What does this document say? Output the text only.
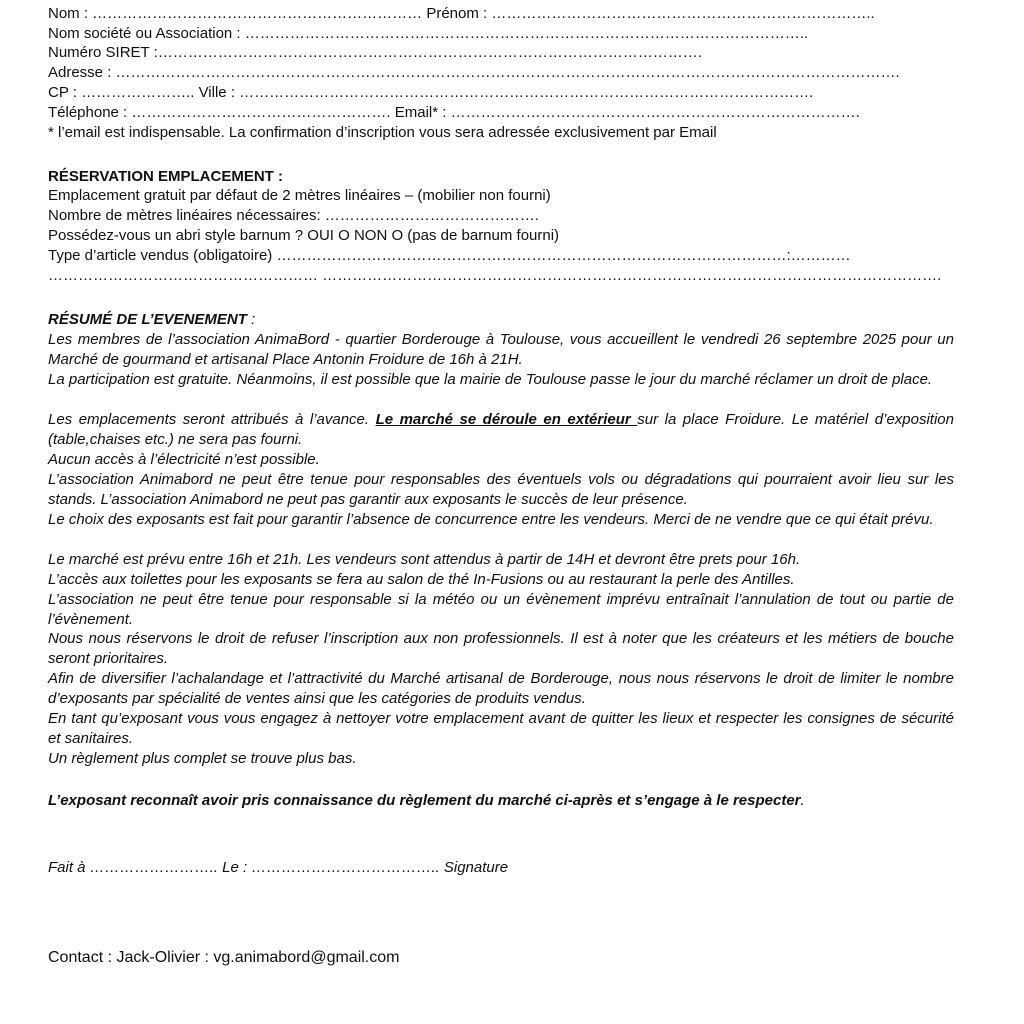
Nom : ………………………………………………………… Prénom : …………………………………………………………………..
Nom société ou Association : …………………………………………………………………………………………………..
Numéro SIRET :……………………………………………………………………………………………….
Adresse : ………………………………………………………………………………………………………………………………………….
CP : ………………….. Ville : …………………………………………………………………………………………………….
Téléphone : ……………………………………………. Email* : ……………………………………………………………………….
* l’email est indispensable. La confirmation d’inscription vous sera adressée exclusivement par Email
RÉSERVATION EMPLACEMENT :
Emplacement gratuit par défaut de 2 mètres linéaires – (mobilier non fourni)
Nombre de mètres linéaires nécessaires: …………………………………….
Possédez-vous un abri style barnum ? OUI O NON O (pas de barnum fourni)
Type d’article vendus (obligatoire) …………………………………………………………………………………………:…………
……………………………………………… …………………………………………………………………………………………………………….
RÉSUMÉ DE L’EVENEMENT :
Les membres de l’association AnimaBord - quartier Borderouge à Toulouse, vous accueillent le vendredi 26 septembre 2025 pour un Marché de gourmand et artisanal Place Antonin Froidure de 16h à 21H.
La participation est gratuite. Néanmoins, il est possible que la mairie de Toulouse passe le jour du marché réclamer un droit de place.
Les emplacements seront attribués à l’avance. Le marché se déroule en extérieur sur la place Froidure. Le matériel d’exposition (table,chaises etc.) ne sera pas fourni.
Aucun accès à l’électricité n’est possible.
L’association Animabord ne peut être tenue pour responsables des éventuels vols ou dégradations qui pourraient avoir lieu sur les stands. L’association Animabord ne peut pas garantir aux exposants le succès de leur présence.
Le choix des exposants est fait pour garantir l’absence de concurrence entre les vendeurs. Merci de ne vendre que ce qui était prévu.
Le marché est prévu entre 16h et 21h. Les vendeurs sont attendus à partir de 14H et devront être prets pour 16h.
L’accès aux toilettes pour les exposants se fera au salon de thé In-Fusions ou au restaurant la perle des Antilles.
L’association ne peut être tenue pour responsable si la météo ou un évènement imprévu entraînait l’annulation de tout ou partie de l’évènement.
Nous nous réservons le droit de refuser l’inscription aux non professionnels. Il est à noter que les créateurs et les métiers de bouche seront prioritaires.
Afin de diversifier l’achalandage et l’attractivité du Marché artisanal de Borderouge, nous nous réservons le droit de limiter le nombre d’exposants par spécialité de ventes ainsi que les catégories de produits vendus.
En tant qu’exposant vous vous engagez à nettoyer votre emplacement avant de quitter les lieux et respecter les consignes de sécurité et sanitaires.
Un règlement plus complet se trouve plus bas.
L’exposant reconnaît avoir pris connaissance du règlement du marché ci-après et s’engage à le respecter.
Fait à …………………….. Le : ……………………………….. Signature
Contact : Jack-Olivier : vg.animabord@gmail.com
